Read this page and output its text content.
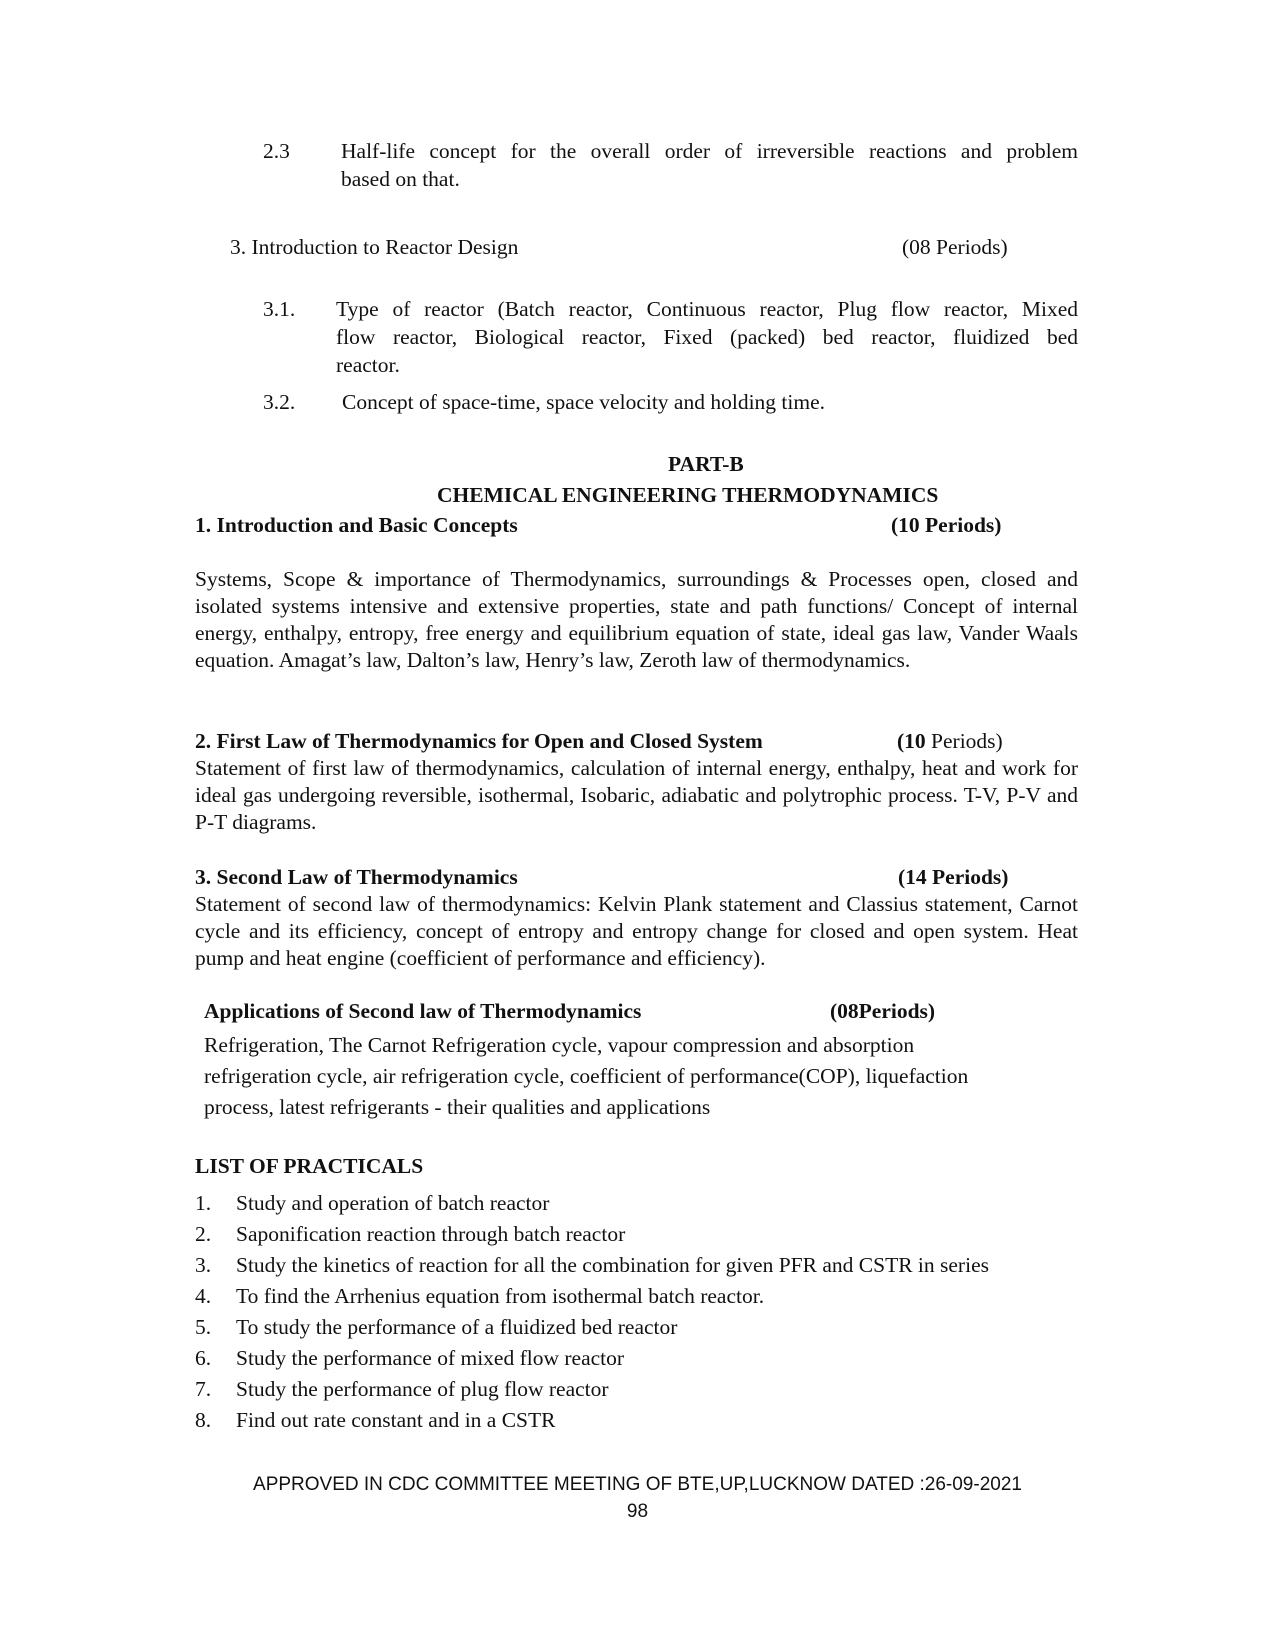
2.3 Half-life concept for the overall order of irreversible reactions and problem
based on that.
3. Introduction to Reactor Design	(08 Periods)
3.1. Type of reactor (Batch reactor, Continuous reactor, Plug flow reactor, Mixed
flow reactor, Biological reactor, Fixed (packed) bed reactor, fluidized bed
reactor.
3.2. Concept of space-time, space velocity and holding time.
PART-B
CHEMICAL ENGINEERING THERMODYNAMICS
1. Introduction and Basic Concepts	(10 Periods)
Systems, Scope & importance of Thermodynamics, surroundings & Processes open, closed and isolated systems intensive and extensive properties, state and path functions/ Concept of internal energy, enthalpy, entropy, free energy and equilibrium equation of state, ideal gas law, Vander Waals equation. Amagat’s law, Dalton’s law, Henry’s law, Zeroth law of thermodynamics.
2. First Law of Thermodynamics for Open and Closed System	(10 Periods)
Statement of first law of thermodynamics, calculation of internal energy, enthalpy, heat and work for ideal gas undergoing reversible, isothermal, Isobaric, adiabatic and polytrophic process. T-V, P-V and P-T diagrams.
3. Second Law of Thermodynamics	(14 Periods)
Statement of second law of thermodynamics: Kelvin Plank statement and Classius statement, Carnot cycle and its efficiency, concept of entropy and entropy change for closed and open system. Heat pump and heat engine (coefficient of performance and efficiency).
Applications of Second law of Thermodynamics	(08Periods)
Refrigeration, The Carnot Refrigeration cycle, vapour compression and absorption
refrigeration cycle, air refrigeration cycle, coefficient of performance(COP), liquefaction
process, latest refrigerants - their qualities and applications
LIST OF PRACTICALS
1. Study and operation of batch reactor
2. Saponification reaction through batch reactor
3. Study the kinetics of reaction for all the combination for given PFR and CSTR in series
4. To find the Arrhenius equation from isothermal batch reactor.
5. To study the performance of a fluidized bed reactor
6. Study the performance of mixed flow reactor
7. Study the performance of plug flow reactor
8. Find out rate constant and in a CSTR
APPROVED IN CDC COMMITTEE MEETING OF BTE,UP,LUCKNOW DATED :26-09-2021
98
